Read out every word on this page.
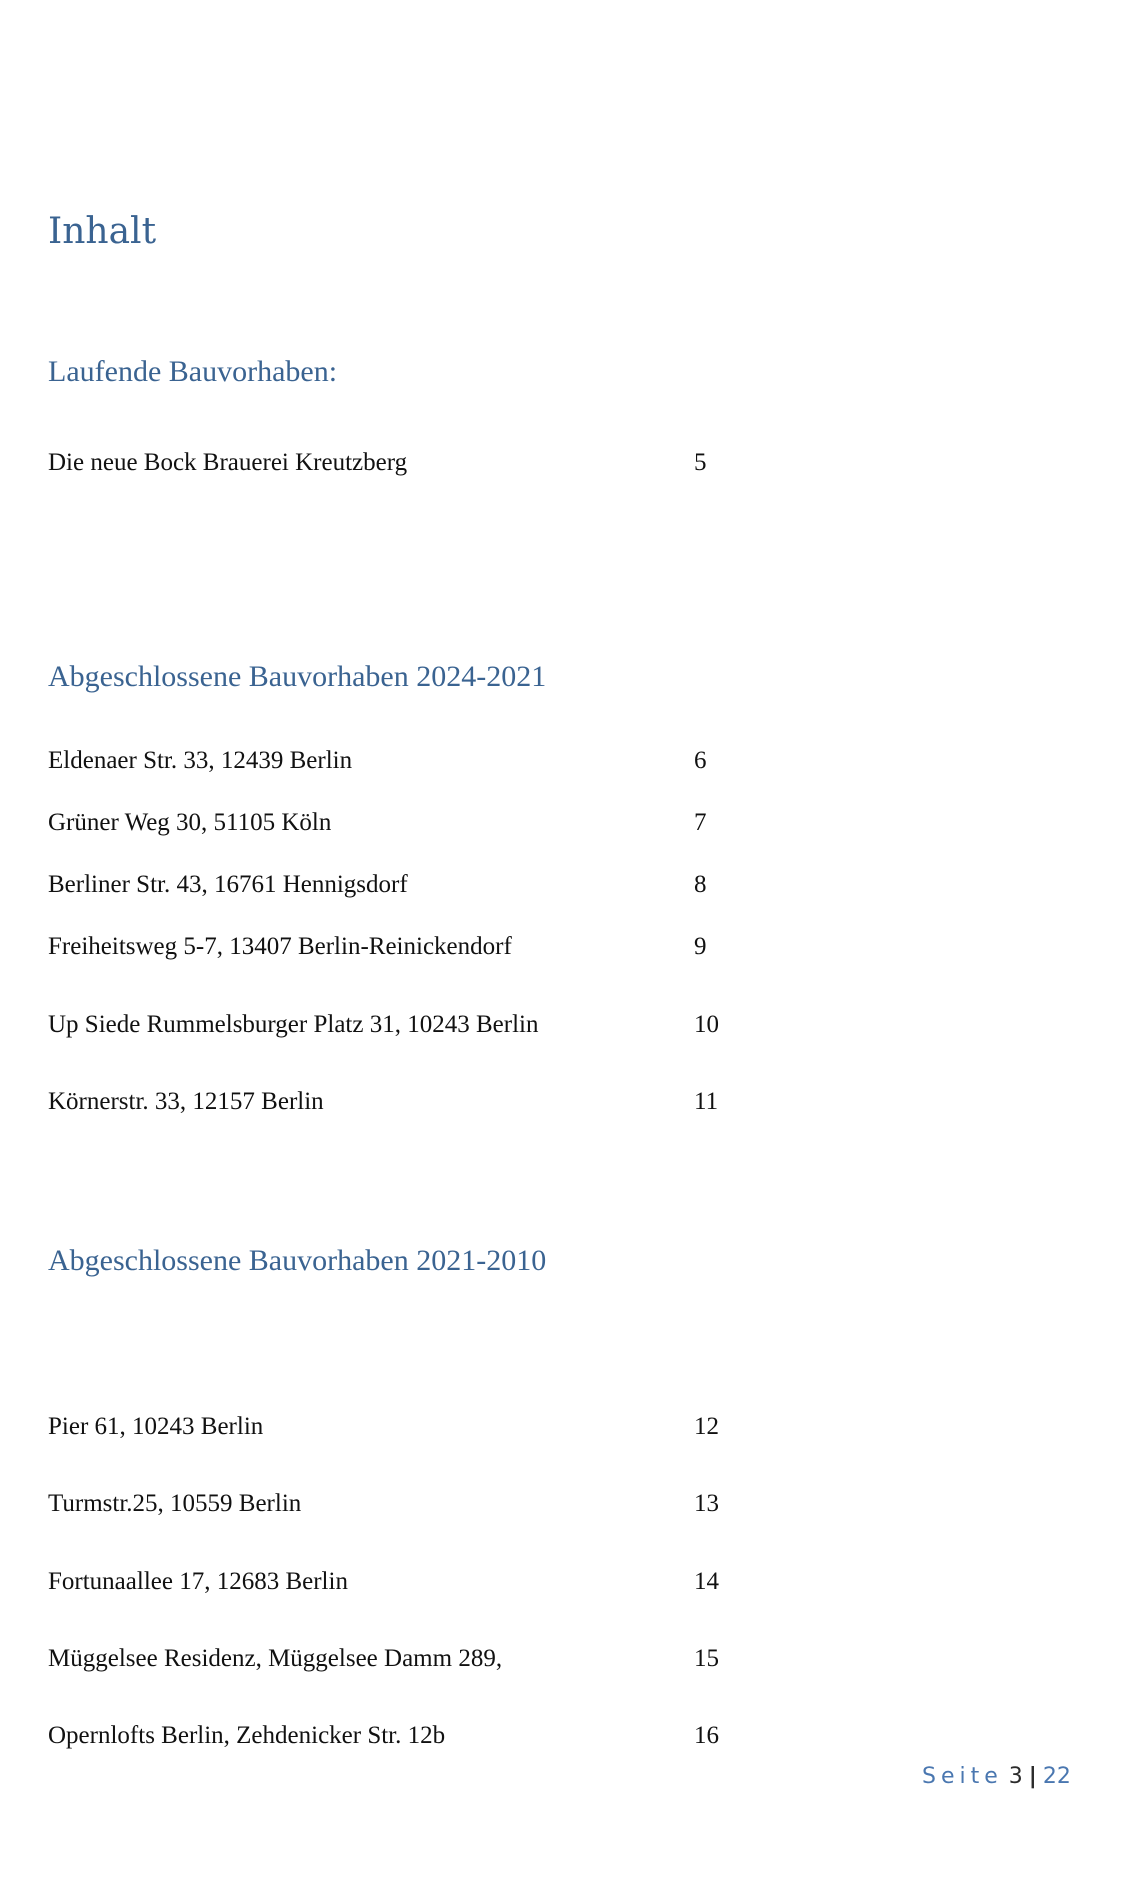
Inhalt
Laufende Bauvorhaben:
Die neue Bock Brauerei Kreutzberg	5
Abgeschlossene Bauvorhaben 2024-2021
Eldenaer Str. 33, 12439 Berlin	6
Grüner Weg 30, 51105 Köln	7
Berliner Str. 43, 16761 Hennigsdorf	8
Freiheitsweg 5-7, 13407 Berlin-Reinickendorf	9
Up Siede Rummelsburger Platz 31, 10243 Berlin	10
Körnerstr. 33, 12157 Berlin	11
Abgeschlossene Bauvorhaben 2021-2010
Pier 61, 10243 Berlin	12
Turmstr.25, 10559 Berlin	13
Fortunaallee 17, 12683 Berlin	14
Müggelsee Residenz, Müggelsee Damm 289,	15
Opernlofts Berlin, Zehdenicker Str. 12b	16
Seite 3 | 22
